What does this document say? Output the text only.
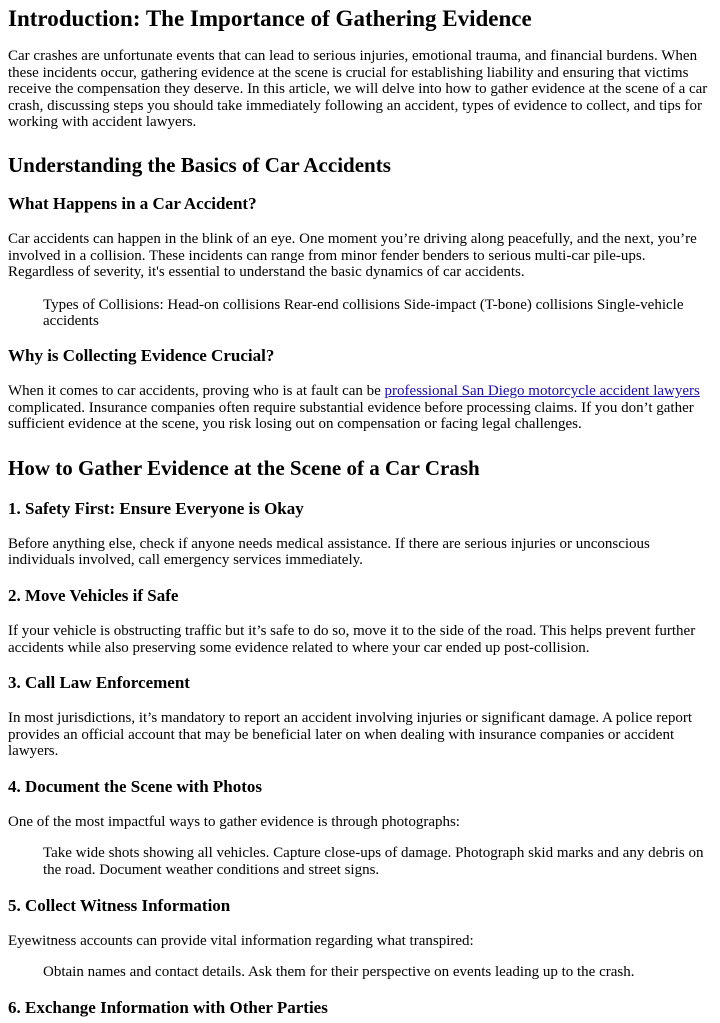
Introduction: The Importance of Gathering Evidence

Car crashes are unfortunate events that can lead to serious injuries, emotional trauma, and financial burdens. When these incidents occur, gathering evidence at the scene is crucial for establishing liability and ensuring that victims receive the compensation they deserve. In this article, we will delve into how to gather evidence at the scene of a car crash, discussing steps you should take immediately following an accident, types of evidence to collect, and tips for working with accident lawyers.

Understanding the Basics of Car Accidents
What Happens in a Car Accident?

Car accidents can happen in the blink of an eye. One moment you’re driving along peacefully, and the next, you’re involved in a collision. These incidents can range from minor fender benders to serious multi-car pile-ups. Regardless of severity, it's essential to understand the basic dynamics of car accidents.

Types of Collisions: Head-on collisions Rear-end collisions Side-impact (T-bone) collisions Single-vehicle accidents
Why is Collecting Evidence Crucial?

When it comes to car accidents, proving who is at fault can be professional San Diego motorcycle accident lawyers complicated. Insurance companies often require substantial evidence before processing claims. If you don’t gather sufficient evidence at the scene, you risk losing out on compensation or facing legal challenges.

How to Gather Evidence at the Scene of a Car Crash
1. Safety First: Ensure Everyone is Okay

Before anything else, check if anyone needs medical assistance. If there are serious injuries or unconscious individuals involved, call emergency services immediately.

2. Move Vehicles if Safe

If your vehicle is obstructing traffic but it’s safe to do so, move it to the side of the road. This helps prevent further accidents while also preserving some evidence related to where your car ended up post-collision.

3. Call Law Enforcement

In most jurisdictions, it’s mandatory to report an accident involving injuries or significant damage. A police report provides an official account that may be beneficial later on when dealing with insurance companies or accident lawyers.

4. Document the Scene with Photos

One of the most impactful ways to gather evidence is through photographs:

Take wide shots showing all vehicles. Capture close-ups of damage. Photograph skid marks and any debris on the road. Document weather conditions and street signs.
5. Collect Witness Information

Eyewitness accounts can provide vital information regarding what transpired:

Obtain names and contact details. Ask them for their perspective on events leading up to the crash.
6. Exchange Information with Other Parties
